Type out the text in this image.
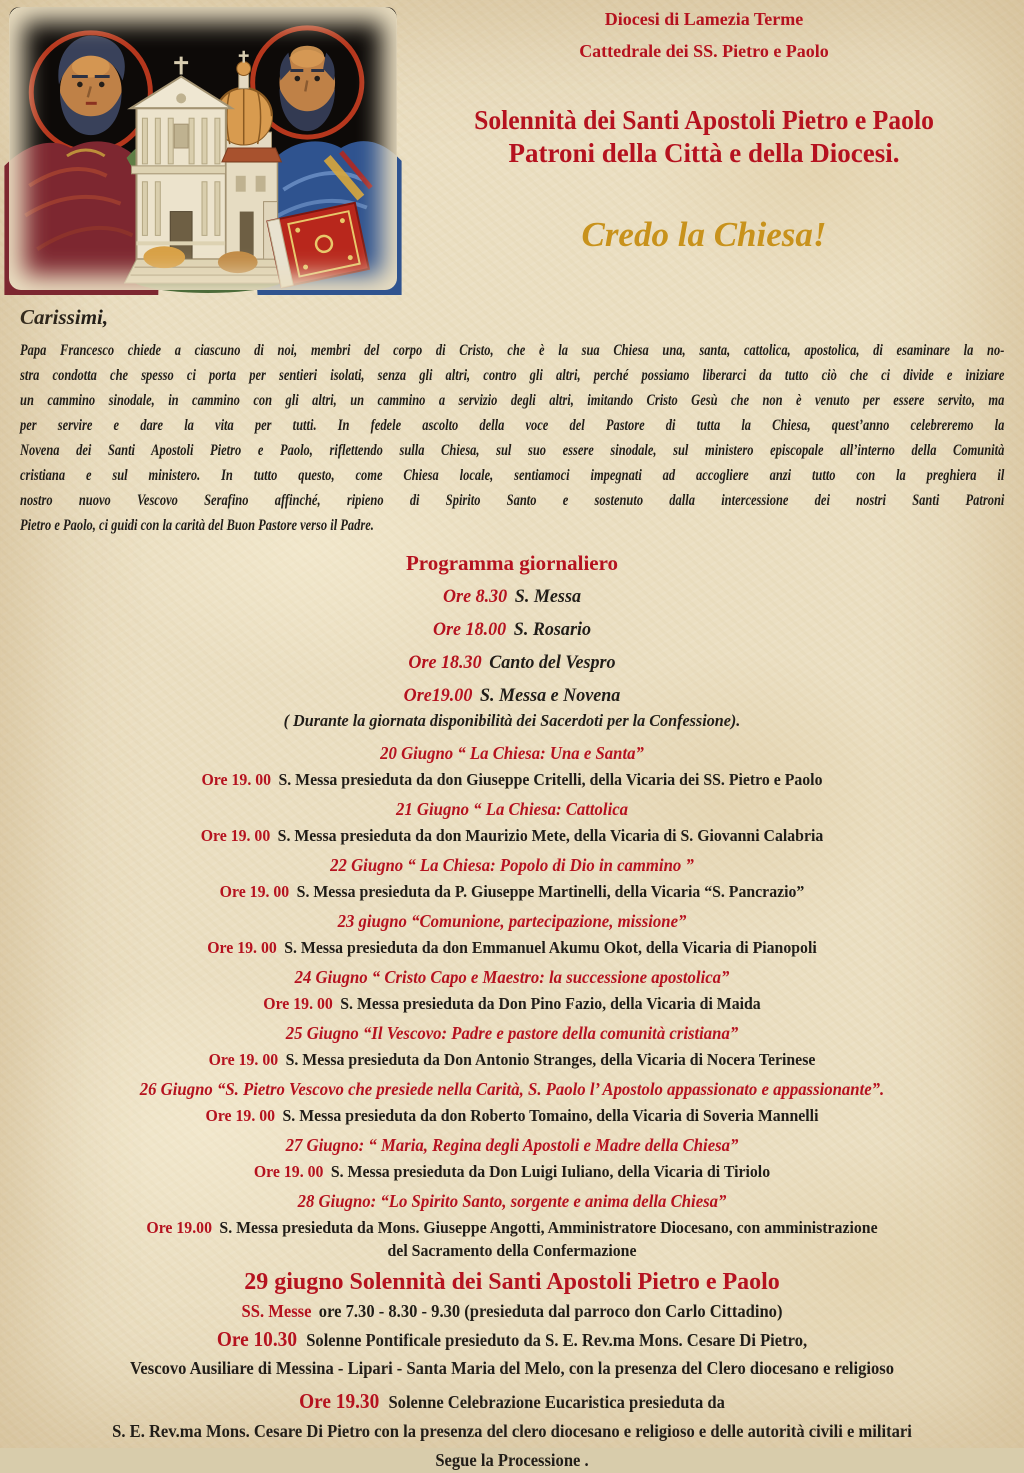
Diocesi di Lamezia Terme
Cattedrale dei SS. Pietro e Paolo
Solennità dei Santi Apostoli Pietro e Paolo
Patroni della Città e della Diocesi.
Credo la Chiesa!
Carissimi,
Papa Francesco chiede a ciascuno di noi, membri del corpo di Cristo, che è la sua Chiesa una, santa, cattolica, apostolica, di esaminare la no-
stra condotta che spesso ci porta per sentieri isolati, senza gli altri, contro gli altri, perché possiamo liberarci da tutto ciò che ci divide e iniziare
un cammino sinodale, in cammino con gli altri, un cammino a servizio degli altri, imitando Cristo Gesù che non è venuto per essere servito, ma
per servire e dare la vita per tutti. In fedele ascolto della voce del Pastore di tutta la Chiesa, quest’anno celebreremo la
Novena dei Santi Apostoli Pietro e Paolo, riflettendo sulla Chiesa, sul suo essere sinodale, sul ministero episcopale all’interno della Comunità
cristiana e sul ministero. In tutto questo, come Chiesa locale, sentiamoci impegnati ad accogliere anzi tutto con la preghiera il
nostro nuovo Vescovo Serafino affinché, ripieno di Spirito Santo e sostenuto dalla intercessione dei nostri Santi Patroni
Pietro e Paolo, ci guidi con la carità del Buon Pastore verso il Padre.
Programma giornaliero
Ore 8.30 S. Messa
Ore 18.00 S. Rosario
Ore 18.30 Canto del Vespro
Ore19.00 S. Messa e Novena
( Durante la giornata disponibilità dei Sacerdoti per la Confessione).
20 Giugno “ La Chiesa: Una e Santa”
Ore 19. 00 S. Messa presieduta da don Giuseppe Critelli, della Vicaria dei SS. Pietro e Paolo
21 Giugno “ La Chiesa: Cattolica
Ore 19. 00 S. Messa presieduta da don Maurizio Mete, della Vicaria di S. Giovanni Calabria
22 Giugno “ La Chiesa: Popolo di Dio in cammino ”
Ore 19. 00 S. Messa presieduta da P. Giuseppe Martinelli, della Vicaria “S. Pancrazio”
23 giugno “Comunione, partecipazione, missione”
Ore 19. 00 S. Messa presieduta da don Emmanuel Akumu Okot, della Vicaria di Pianopoli
24 Giugno “ Cristo Capo e Maestro: la successione apostolica”
Ore 19. 00 S. Messa presieduta da Don Pino Fazio, della Vicaria di Maida
25 Giugno “Il Vescovo: Padre e pastore della comunità cristiana”
Ore 19. 00 S. Messa presieduta da Don Antonio Stranges, della Vicaria di Nocera Terinese
26 Giugno “S. Pietro Vescovo che presiede nella Carità, S. Paolo l’ Apostolo appassionato e appassionante”.
Ore 19. 00 S. Messa presieduta da don Roberto Tomaino, della Vicaria di Soveria Mannelli
27 Giugno: “ Maria, Regina degli Apostoli e Madre della Chiesa”
Ore 19. 00 S. Messa presieduta da Don Luigi Iuliano, della Vicaria di Tiriolo
28 Giugno: “Lo Spirito Santo, sorgente e anima della Chiesa”
Ore 19.00 S. Messa presieduta da Mons. Giuseppe Angotti, Amministratore Diocesano, con amministrazione
del Sacramento della Confermazione
29 giugno Solennità dei Santi Apostoli Pietro e Paolo
SS. Messe ore 7.30 - 8.30 - 9.30 (presieduta dal parroco don Carlo Cittadino)
Ore 10.30 Solenne Pontificale presieduto da S. E. Rev.ma Mons. Cesare Di Pietro,
Vescovo Ausiliare di Messina - Lipari - Santa Maria del Melo, con la presenza del Clero diocesano e religioso
Ore 19.30 Solenne Celebrazione Eucaristica presieduta da
S. E. Rev.ma Mons. Cesare Di Pietro con la presenza del clero diocesano e religioso e delle autorità civili e militari
Segue la Processione .
